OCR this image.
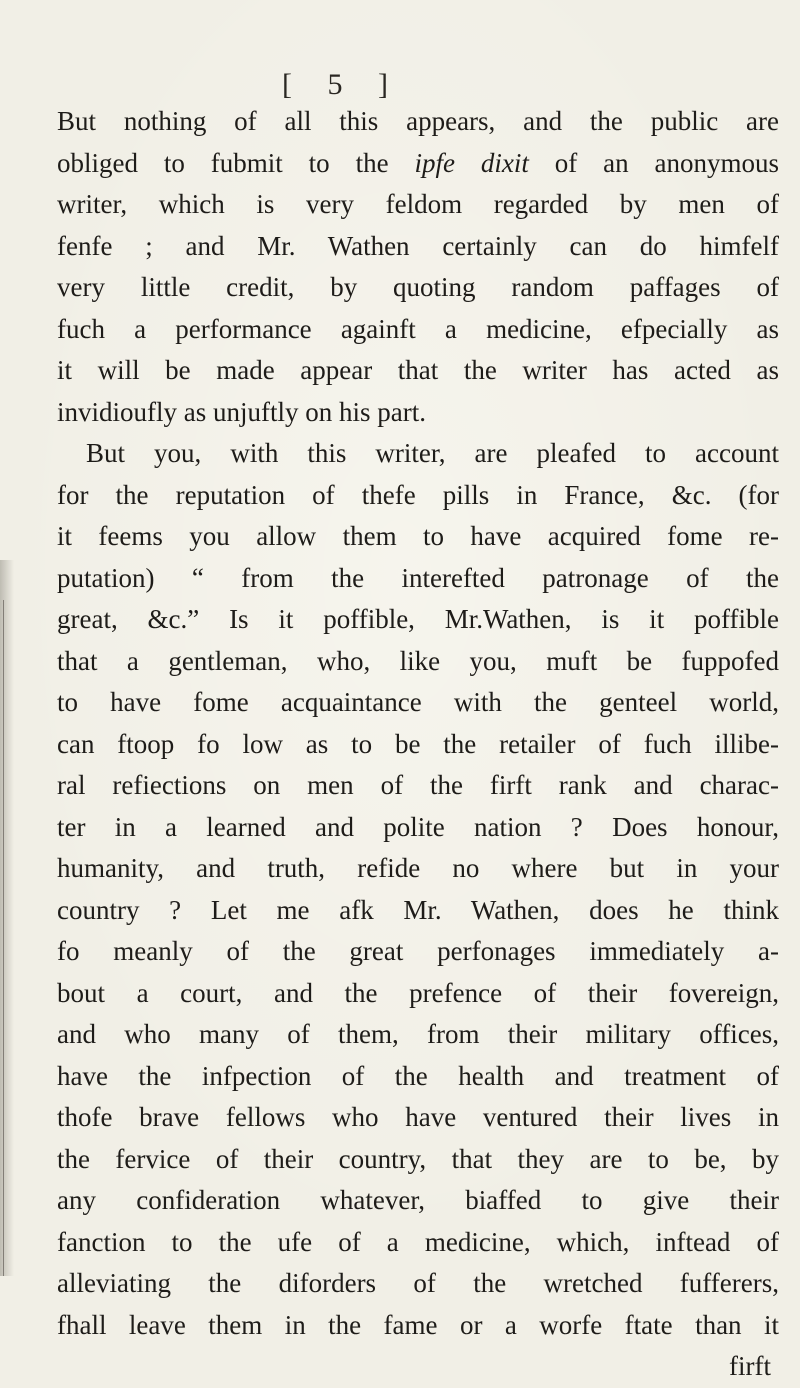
[ 5 ]
But nothing of all this appears, and the public are
obliged to fubmit to the ipfe dixit of an anonymous
writer, which is very feldom regarded by men of
fenfe ; and Mr. Wathen certainly can do himfelf
very little credit, by quoting random paffages of
fuch a performance againft a medicine, efpecially as
it will be made appear that the writer has acted as
invidioufly as unjuftly on his part.
But you, with this writer, are pleafed to account
for the reputation of thefe pills in France, &c. (for
it feems you allow them to have acquired fome re-
putation) “ from the interefted patronage of the
great, &c.” Is it poffible, Mr.Wathen, is it poffible
that a gentleman, who, like you, muft be fuppofed
to have fome acquaintance with the genteel world,
can ftoop fo low as to be the retailer of fuch illibe-
ral refiections on men of the firft rank and charac-
ter in a learned and polite nation ? Does honour,
humanity, and truth, refide no where but in your
country ? Let me afk Mr. Wathen, does he think
fo meanly of the great perfonages immediately a-
bout a court, and the prefence of their fovereign,
and who many of them, from their military offices,
have the infpection of the health and treatment of
thofe brave fellows who have ventured their lives in
the fervice of their country, that they are to be, by
any confideration whatever, biaffed to give their
fanction to the ufe of a medicine, which, inftead of
alleviating the diforders of the wretched fufferers,
fhall leave them in the fame or a worfe ftate than it
firft
